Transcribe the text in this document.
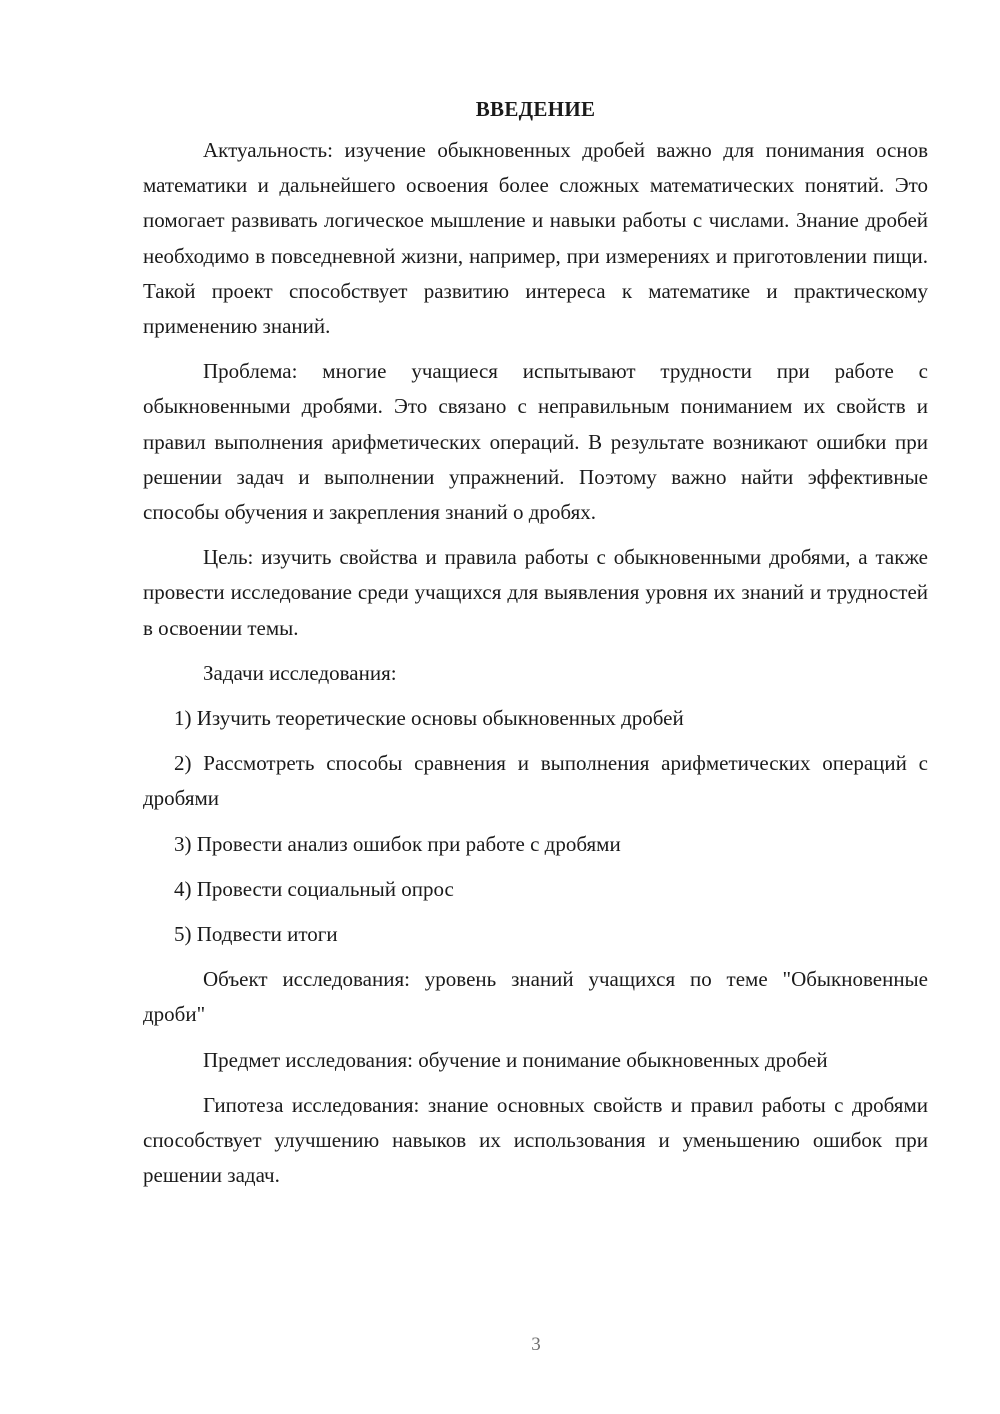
ВВЕДЕНИЕ

Актуальность: изучение обыкновенных дробей важно для понимания основ математики и дальнейшего освоения более сложных математических понятий. Это помогает развивать логическое мышление и навыки работы с числами. Знание дробей необходимо в повседневной жизни, например, при измерениях и приготовлении пищи. Такой проект способствует развитию интереса к математике и практическому применению знаний.

Проблема: многие учащиеся испытывают трудности при работе с обыкновенными дробями. Это связано с неправильным пониманием их свойств и правил выполнения арифметических операций. В результате возникают ошибки при решении задач и выполнении упражнений. Поэтому важно найти эффективные способы обучения и закрепления знаний о дробях.

Цель: изучить свойства и правила работы с обыкновенными дробями, а также провести исследование среди учащихся для выявления уровня их знаний и трудностей в освоении темы.

Задачи исследования:

1) Изучить теоретические основы обыкновенных дробей

2) Рассмотреть способы сравнения и выполнения арифметических операций с дробями

3) Провести анализ ошибок при работе с дробями

4) Провести социальный опрос

5) Подвести итоги

Объект исследования: уровень знаний учащихся по теме "Обыкновенные дроби"

Предмет исследования: обучение и понимание обыкновенных дробей

Гипотеза исследования: знание основных свойств и правил работы с дробями способствует улучшению навыков их использования и уменьшению ошибок при решении задач.

3
